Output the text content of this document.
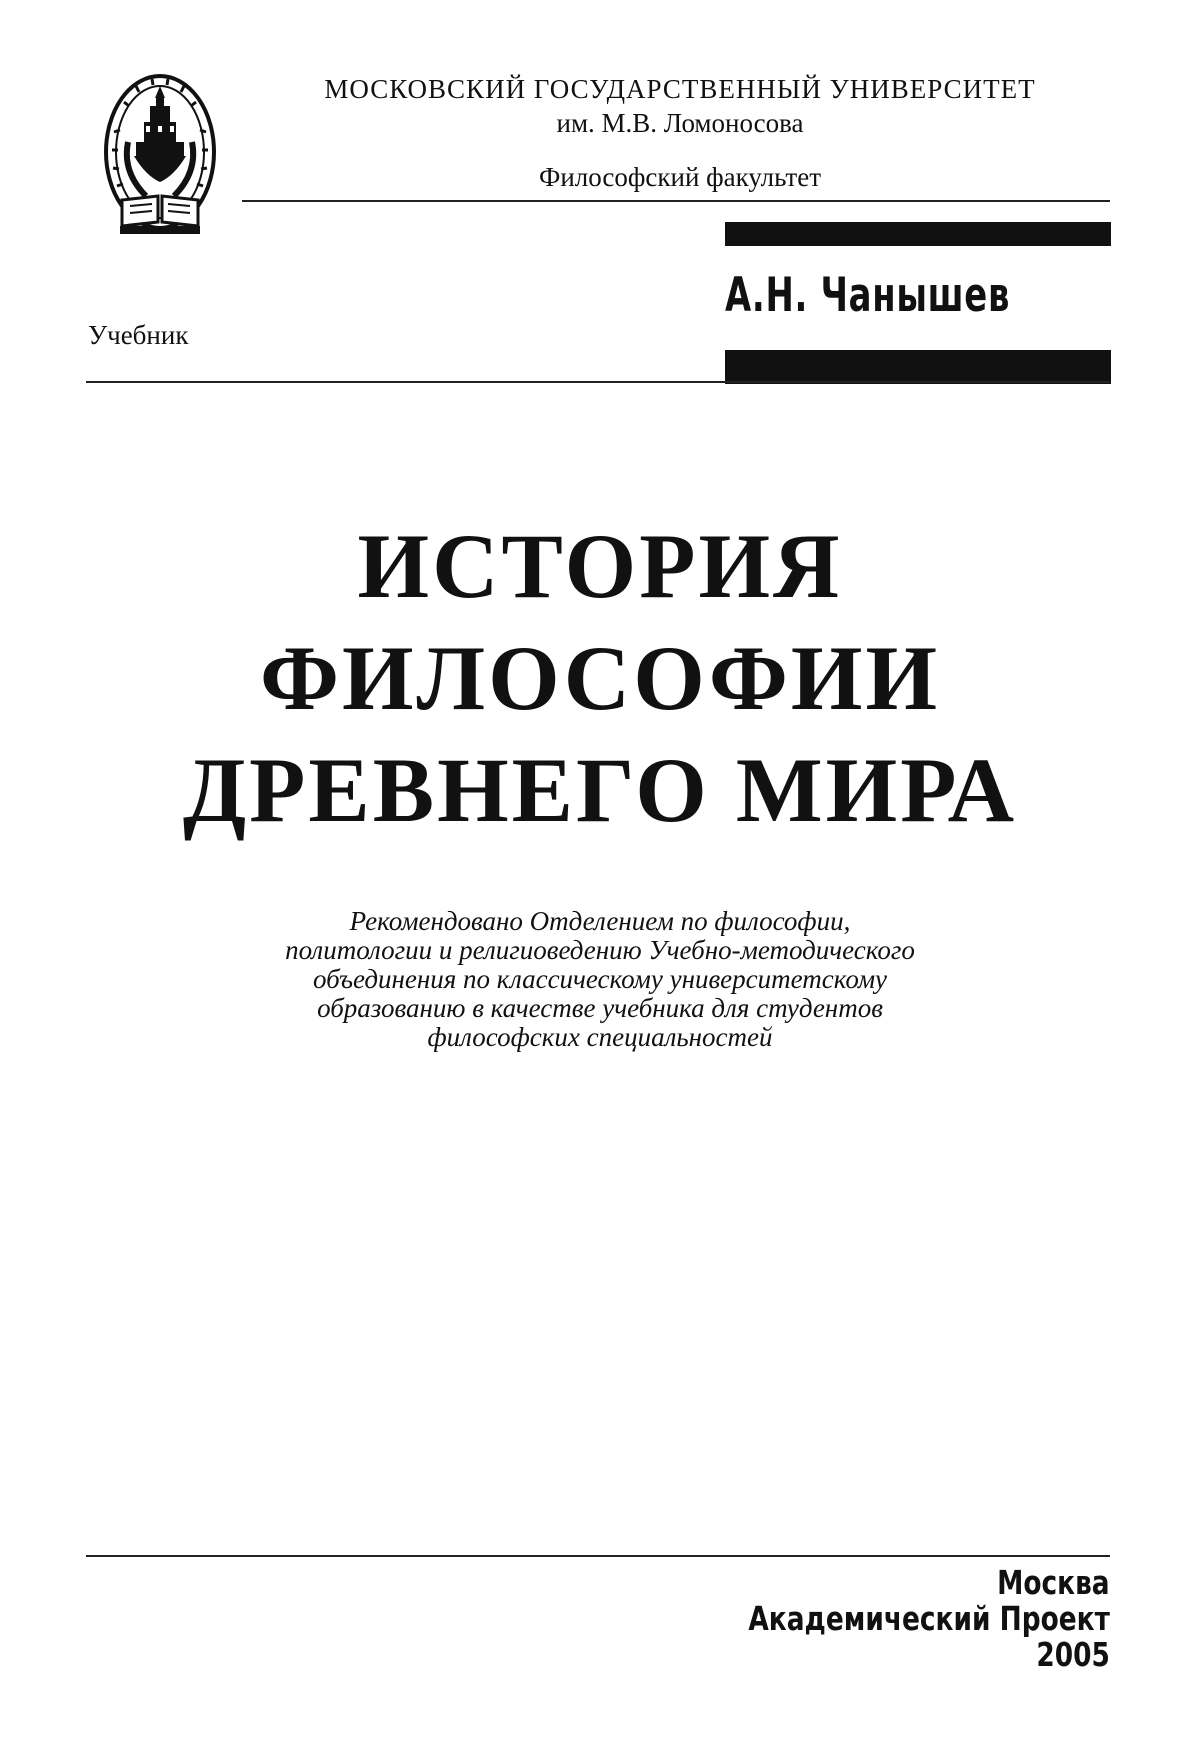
МОСКОВСКИЙ ГОСУДАРСТВЕННЫЙ УНИВЕРСИТЕТ
им. М.В. Ломоносова
Философский факультет
А.Н. Чанышев
Учебник
ИСТОРИЯ
ФИЛОСОФИИ
ДРЕВНЕГО МИРА
Рекомендовано Отделением по философии,
политологии и религиоведению Учебно-методического
объединения по классическому университетскому
образованию в качестве учебника для студентов
философских специальностей
Москва
Академический Проект
2005
